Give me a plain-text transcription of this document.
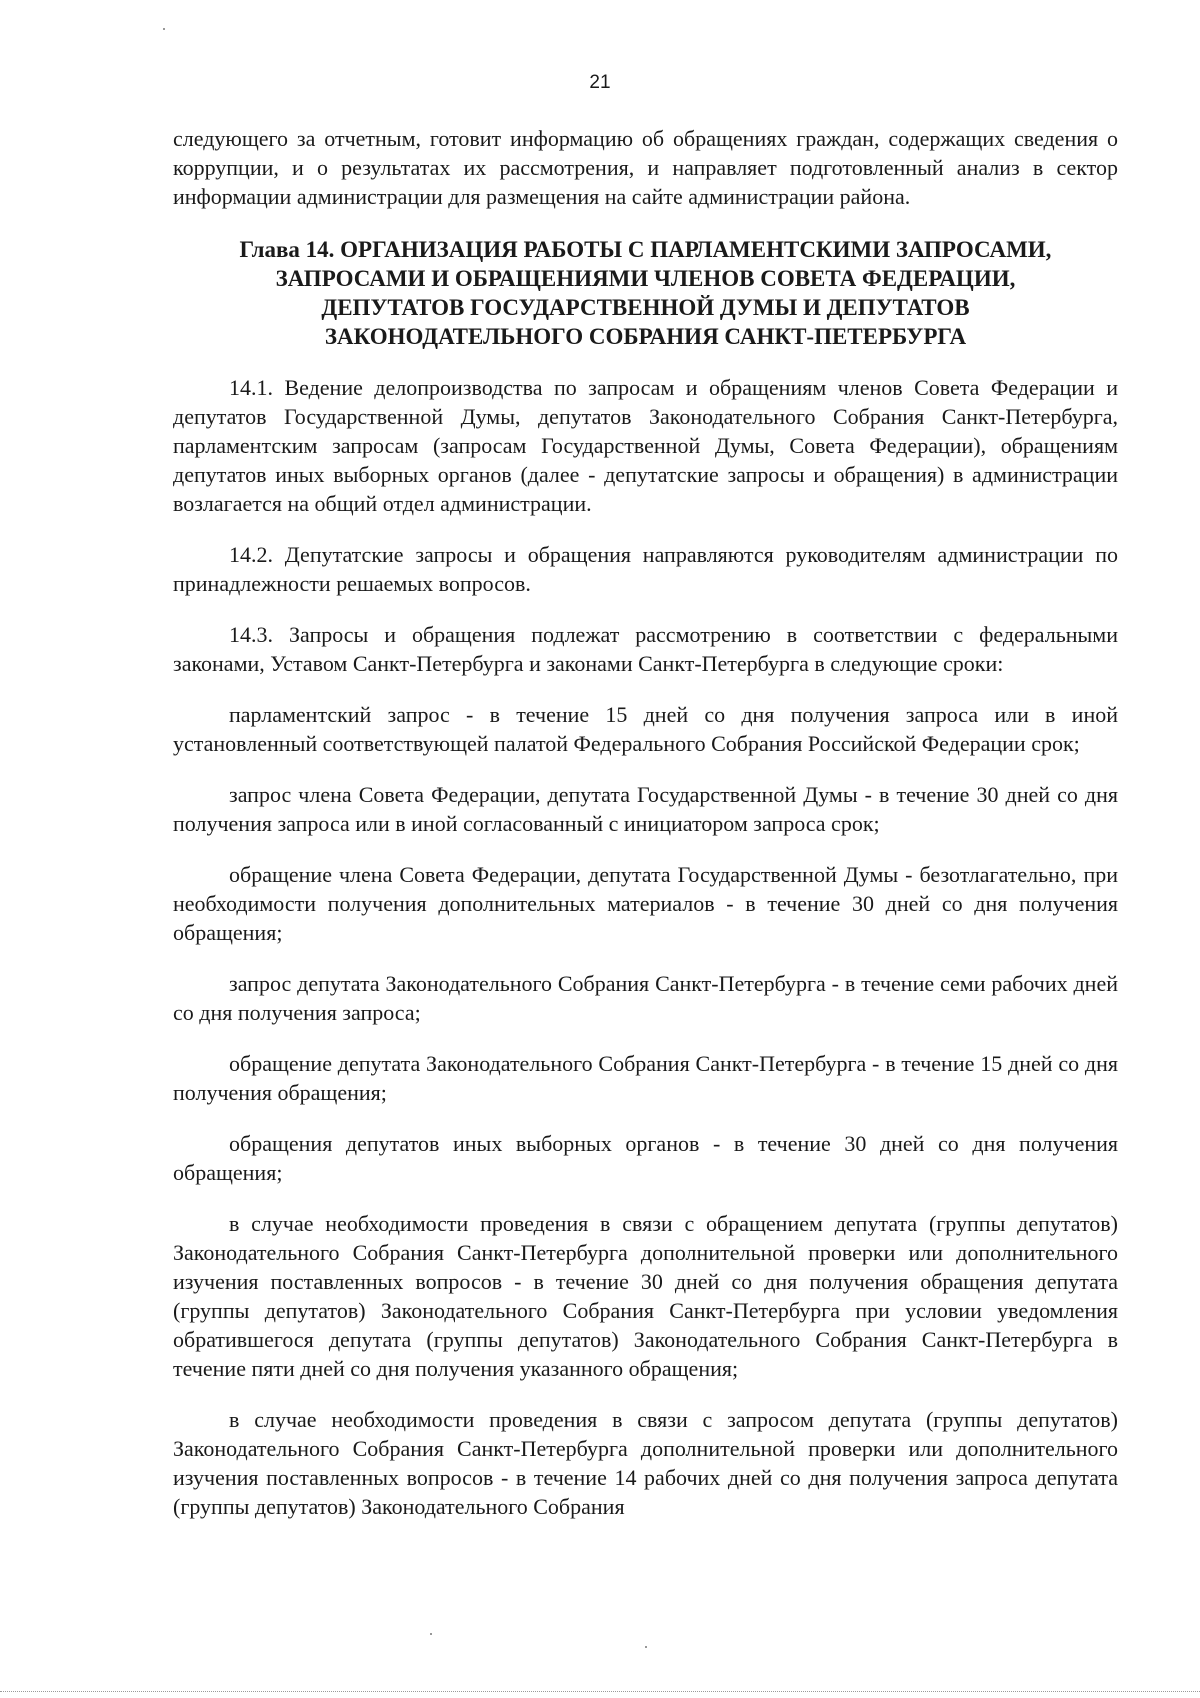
21

следующего за отчетным, готовит информацию об обращениях граждан, содержащих сведения о коррупции, и о результатах их рассмотрения, и направляет подготовленный анализ в сектор информации администрации для размещения на сайте администрации района.

Глава 14. ОРГАНИЗАЦИЯ РАБОТЫ С ПАРЛАМЕНТСКИМИ ЗАПРОСАМИ,
ЗАПРОСАМИ И ОБРАЩЕНИЯМИ ЧЛЕНОВ СОВЕТА ФЕДЕРАЦИИ,
ДЕПУТАТОВ ГОСУДАРСТВЕННОЙ ДУМЫ И ДЕПУТАТОВ
ЗАКОНОДАТЕЛЬНОГО СОБРАНИЯ САНКТ-ПЕТЕРБУРГА

14.1. Ведение делопроизводства по запросам и обращениям членов Совета Федерации и депутатов Государственной Думы, депутатов Законодательного Собрания Санкт-Петербурга, парламентским запросам (запросам Государственной Думы, Совета Федерации), обращениям депутатов иных выборных органов (далее - депутатские запросы и обращения) в администрации возлагается на общий отдел администрации.

14.2. Депутатские запросы и обращения направляются руководителям администрации по принадлежности решаемых вопросов.

14.3. Запросы и обращения подлежат рассмотрению в соответствии с федеральными законами, Уставом Санкт-Петербурга и законами Санкт-Петербурга в следующие сроки:

парламентский запрос - в течение 15 дней со дня получения запроса или в иной установленный соответствующей палатой Федерального Собрания Российской Федерации срок;

запрос члена Совета Федерации, депутата Государственной Думы - в течение 30 дней со дня получения запроса или в иной согласованный с инициатором запроса срок;

обращение члена Совета Федерации, депутата Государственной Думы - безотлагательно, при необходимости получения дополнительных материалов - в течение 30 дней со дня получения обращения;

запрос депутата Законодательного Собрания Санкт-Петербурга - в течение семи рабочих дней со дня получения запроса;

обращение депутата Законодательного Собрания Санкт-Петербурга - в течение 15 дней со дня получения обращения;

обращения депутатов иных выборных органов - в течение 30 дней со дня получения обращения;

в случае необходимости проведения в связи с обращением депутата (группы депутатов) Законодательного Собрания Санкт-Петербурга дополнительной проверки или дополнительного изучения поставленных вопросов - в течение 30 дней со дня получения обращения депутата (группы депутатов) Законодательного Собрания Санкт-Петербурга при условии уведомления обратившегося депутата (группы депутатов) Законодательного Собрания Санкт-Петербурга в течение пяти дней со дня получения указанного обращения;

в случае необходимости проведения в связи с запросом депутата (группы депутатов) Законодательного Собрания Санкт-Петербурга дополнительной проверки или дополнительного изучения поставленных вопросов - в течение 14 рабочих дней со дня получения запроса депутата (группы депутатов) Законодательного Собрания
